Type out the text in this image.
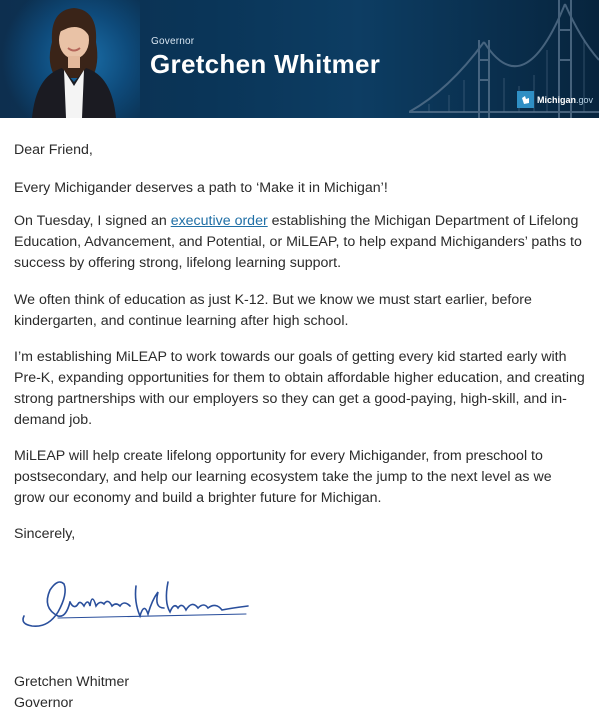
Governor
Gretchen Whitmer
Michigan.gov

Dear Friend,

Every Michigander deserves a path to ‘Make it in Michigan’!

On Tuesday, I signed an executive order establishing the Michigan Department of Lifelong Education, Advancement, and Potential, or MiLEAP, to help expand Michiganders’ paths to success by offering strong, lifelong learning support.

We often think of education as just K-12. But we know we must start earlier, before kindergarten, and continue learning after high school.

I’m establishing MiLEAP to work towards our goals of getting every kid started early with Pre-K, expanding opportunities for them to obtain affordable higher education, and creating strong partnerships with our employers so they can get a good-paying, high-skill, and in-demand job.

MiLEAP will help create lifelong opportunity for every Michigander, from preschool to postsecondary, and help our learning ecosystem take the jump to the next level as we grow our economy and build a brighter future for Michigan.

Sincerely,

Gretchen Whitmer

Governor
